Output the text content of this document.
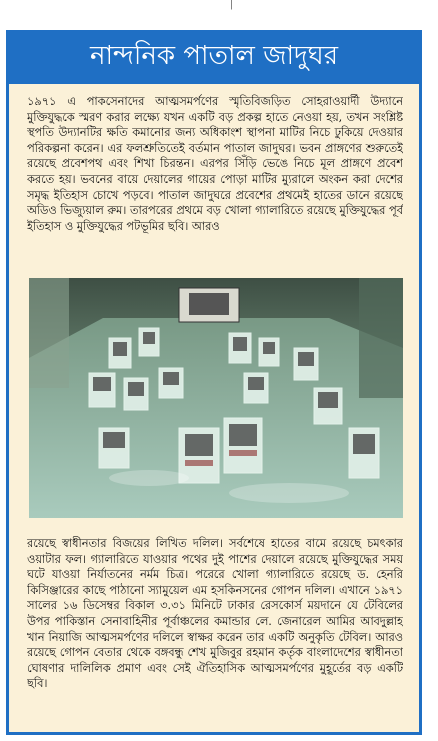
|
নান্দনিক পাতাল জাদুঘর

১৯৭১ এ পাকসেনাদের আত্মসমর্পণের স্মৃতিবিজড়িত সোহরাওয়ার্দী উদ্যানে মুক্তিযুদ্ধকে স্মরণ করার লক্ষ্যে যখন একটি বড় প্রকল্প হাতে নেওয়া হয়, তখন সংশ্লিষ্ট স্থপতি উদ্যানটির ক্ষতি কমানোর জন্য অধিকাংশ স্থাপনা মাটির নিচে ঢুকিয়ে দেওয়ার পরিকল্পনা করেন। এর ফলশ্রুতিতেই বর্তমান পাতাল জাদুঘর। ভবন প্রাঙ্গণের শুরুতেই রয়েছে প্রবেশপথ এবং শিখা চিরন্তন। এরপর সিঁড়ি ভেঙে নিচে মূল প্রাঙ্গণে প্রবেশ করতে হয়। ভবনের বায়ে দেয়ালের গায়ের পোড়া মাটির ম্যুরালে অংকন করা দেশের সমৃদ্ধ ইতিহাস চোখে পড়বে। পাতাল জাদুঘরে প্রবেশের প্রথমেই হাতের ডানে রয়েছে অডিও ভিজ্যুয়াল রুম। তারপরের প্রথমে বড় খোলা গ্যালারিতে রয়েছে মুক্তিযুদ্ধের পূর্ব ইতিহাস ও মুক্তিযুদ্ধের পটভূমির ছবি। আরও

রয়েছে স্বাধীনতার বিজয়ের লিখিত দলিল। সর্বশেষে হাতের বামে রয়েছে চমৎকার ওয়াটার ফল। গ্যালারিতে যাওয়ার পথের দুই পাশের দেয়ালে রয়েছে মুক্তিযুদ্ধের সময় ঘটে যাওয়া নির্যাতনের নর্মম চিত্র। পরেরে খোলা গ্যালারিতে রয়েছে ড. হেনরি কিসিঞ্জারের কাছে পাঠানো স্যামুয়েল এম হসকিনসনের গোপন দলিল। এখানে ১৯৭১ সালের ১৬ ডিসেম্বর বিকাল ৩.৩১ মিনিটে ঢাকার রেসকোর্স ময়দানে যে টেবিলের উপর পাকিস্তান সেনাবাহিনীর পূর্বাঞ্চলের কমান্ডার লে. জেনারেল আমির আবদুল্লাহ খান নিয়াজি আত্মসমর্পণের দলিলে স্বাক্ষর করেন তার একটি অনুকৃতি টেবিল। আরও রয়েছে গোপন বেতার থেকে বঙ্গবন্ধু শেখ মুজিবুর রহমান কর্তৃক বাংলাদেশের স্বাধীনতা ঘোষণার দালিলিক প্রমাণ এবং সেই ঐতিহাসিক আত্মসমর্পণের মুহূর্তের বড় একটি ছবি।
